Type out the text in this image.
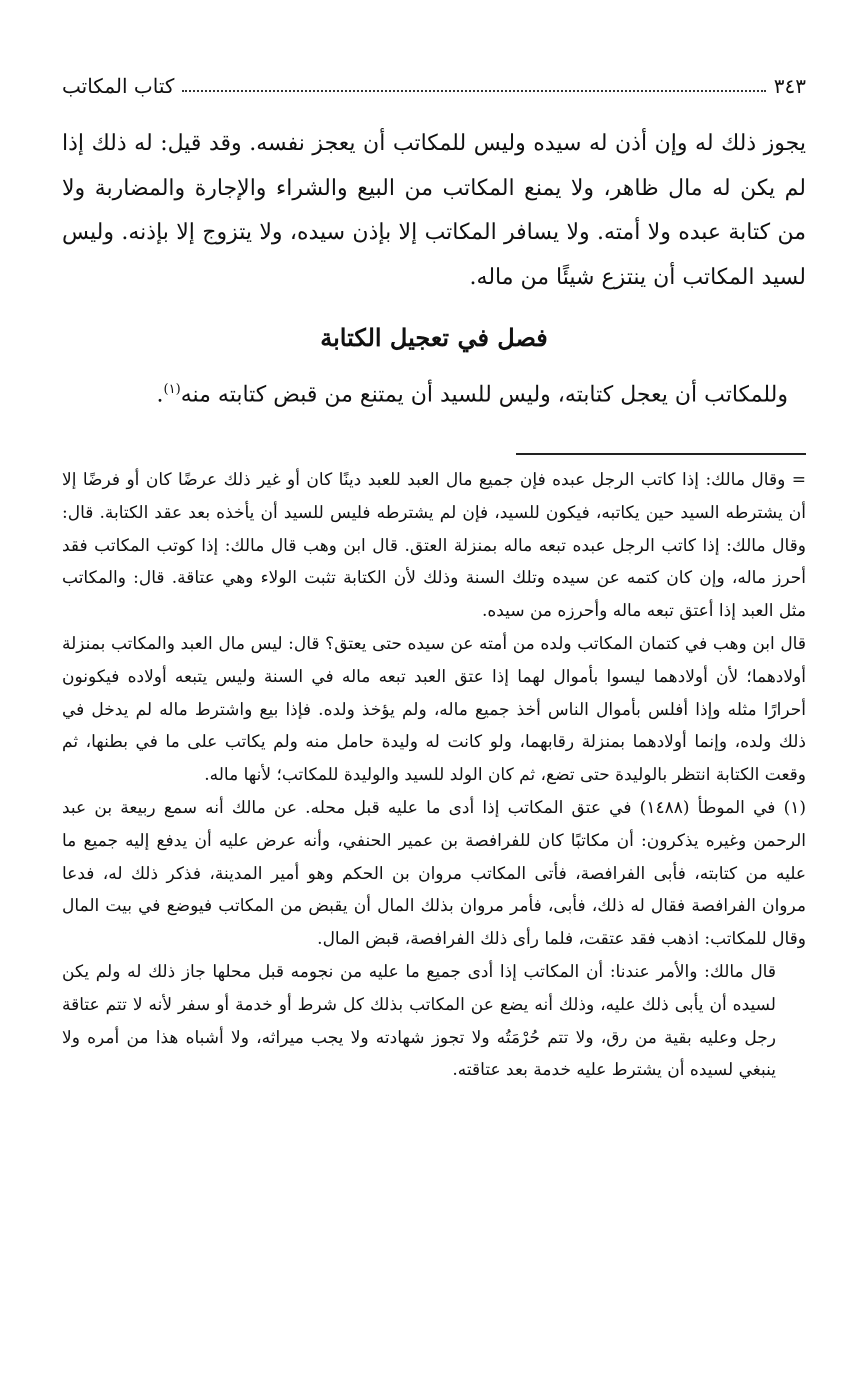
٣٤٣
كتاب المكاتب

يجوز ذلك له وإن أذن له سيده وليس للمكاتب أن يعجز نفسه. وقد قيل: له ذلك إذا لم يكن له مال ظاهر، ولا يمنع المكاتب من البيع والشراء والإجارة والمضاربة ولا من كتابة عبده ولا أمته. ولا يسافر المكاتب إلا بإذن سيده، ولا يتزوج إلا بإذنه. وليس لسيد المكاتب أن ينتزع شيئًا من ماله.

فصل في تعجيل الكتابة

وللمكاتب أن يعجل كتابته، وليس للسيد أن يمتنع من قبض كتابته منه$^{(١)}$.

= وقال مالك: إذا كاتب الرجل عبده فإن جميع مال العبد للعبد دينًا كان أو غير ذلك عرضًا كان أو فرضًا إلا أن يشترطه السيد حين يكاتبه، فيكون للسيد، فإن لم يشترطه فليس للسيد أن يأخذه بعد عقد الكتابة. قال: وقال مالك: إذا كاتب الرجل عبده تبعه ماله بمنزلة العتق. قال ابن وهب قال مالك: إذا كوتب المكاتب فقد أحرز ماله، وإن كان كتمه عن سيده وتلك السنة وذلك لأن الكتابة تثبت الولاء وهي عتاقة. قال: والمكاتب مثل العبد إذا أعتق تبعه ماله وأحرزه من سيده.

قال ابن وهب في كتمان المكاتب ولده من أمته عن سيده حتى يعتق؟ قال: ليس مال العبد والمكاتب بمنزلة أولادهما؛ لأن أولادهما ليسوا بأموال لهما إذا عتق العبد تبعه ماله في السنة وليس يتبعه أولاده فيكونون أحرارًا مثله وإذا أفلس بأموال الناس أخذ جميع ماله، ولم يؤخذ ولده. فإذا بيع واشترط ماله لم يدخل في ذلك ولده، وإنما أولادهما بمنزلة رقابهما، ولو كانت له وليدة حامل منه ولم يكاتب على ما في بطنها، ثم وقعت الكتابة انتظر بالوليدة حتى تضع، ثم كان الولد للسيد والوليدة للمكاتب؛ لأنها ماله.

(١) في الموطأ (١٤٨٨) في عتق المكاتب إذا أدى ما عليه قبل محله. عن مالك أنه سمع ربيعة بن عبد الرحمن وغيره يذكرون: أن مكاتبًا كان للفرافصة بن عمير الحنفي، وأنه عرض عليه أن يدفع إليه جميع ما عليه من كتابته، فأبى الفرافصة، فأتى المكاتب مروان بن الحكم وهو أمير المدينة، فذكر ذلك له، فدعا مروان الفرافصة فقال له ذلك، فأبى، فأمر مروان بذلك المال أن يقبض من المكاتب فيوضع في بيت المال وقال للمكاتب: اذهب فقد عتقت، فلما رأى ذلك الفرافصة، قبض المال.

قال مالك: والأمر عندنا: أن المكاتب إذا أدى جميع ما عليه من نجومه قبل محلها جاز ذلك له ولم يكن لسيده أن يأبى ذلك عليه، وذلك أنه يضع عن المكاتب بذلك كل شرط أو خدمة أو سفر لأنه لا تتم عتاقة رجل وعليه بقية من رق، ولا تتم حُرْمَتُه ولا تجوز شهادته ولا يجب ميراثه، ولا أشباه هذا من أمره ولا ينبغي لسيده أن يشترط عليه خدمة بعد عتاقته.
